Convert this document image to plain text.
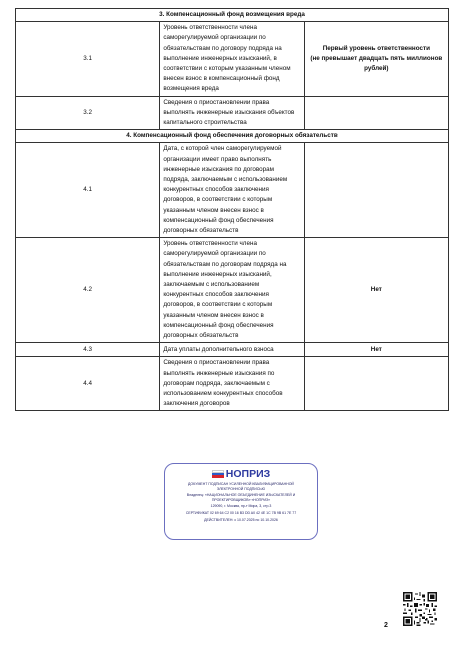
3. Компенсационный фонд возмещения вреда		
3.1	Уровень ответственности члена саморегулируемой организации по обязательствам по договору подряда на выполнение инженерных изысканий, в соответствии с которым указанным членом внесен взнос в компенсационный фонд возмещения вреда	Первый уровень ответственности
(не превышает двадцать пять миллионов рублей)

3.2	Сведения о приостановлении права выполнять инженерные изыскания объектов капитального строительства	
4. Компенсационный фонд обеспечения договорных обязательств		
4.1	Дата, с которой член саморегулируемой организации имеет право выполнять инженерные изыскания по договорам подряда, заключаемым с использованием конкурентных способов заключения договоров, в соответствии с которым указанным членом внесен взнос в компенсационный фонд обеспечения договорных обязательств	
4.2	Уровень ответственности члена саморегулируемой организации по обязательствам по договорам подряда на выполнение инженерных изысканий, заключаемым с использованием конкурентных способов заключения договоров, в соответствии с которым указанным членом внесен взнос в компенсационный фонд обеспечения договорных обязательств	Нет
4.3	Дата уплаты дополнительного взноса	Нет
4.4	Сведения о приостановлении права выполнять инженерные изыскания по договорам подряда, заключаемым с использованием конкурентных способов заключения договоров	
НОПРИЗ
ДОКУМЕНТ ПОДПИСАН УСИЛЕННОЙ КВАЛИФИЦИРОВАННОЙ
ЭЛЕКТРОННОЙ ПОДПИСЬЮ
Владелец: «НАЦИОНАЛЬНОЕ ОБЪЕДИНЕНИЕ ИЗЫСКАТЕЛЕЙ И
ПРОЕКТИРОВЩИКОВ» «НОПРИЗ»
129090, г. Москва, пр-т Мира, 3, стр.3
СЕРТИФИКАТ 02 69 64 C2 00 16 B3 DD A0 42 4E 1C 7B 9B 61 7E 77
ДЕЙСТВИТЕЛЕН: с 10.07.2025 по 10.10.2026
2
